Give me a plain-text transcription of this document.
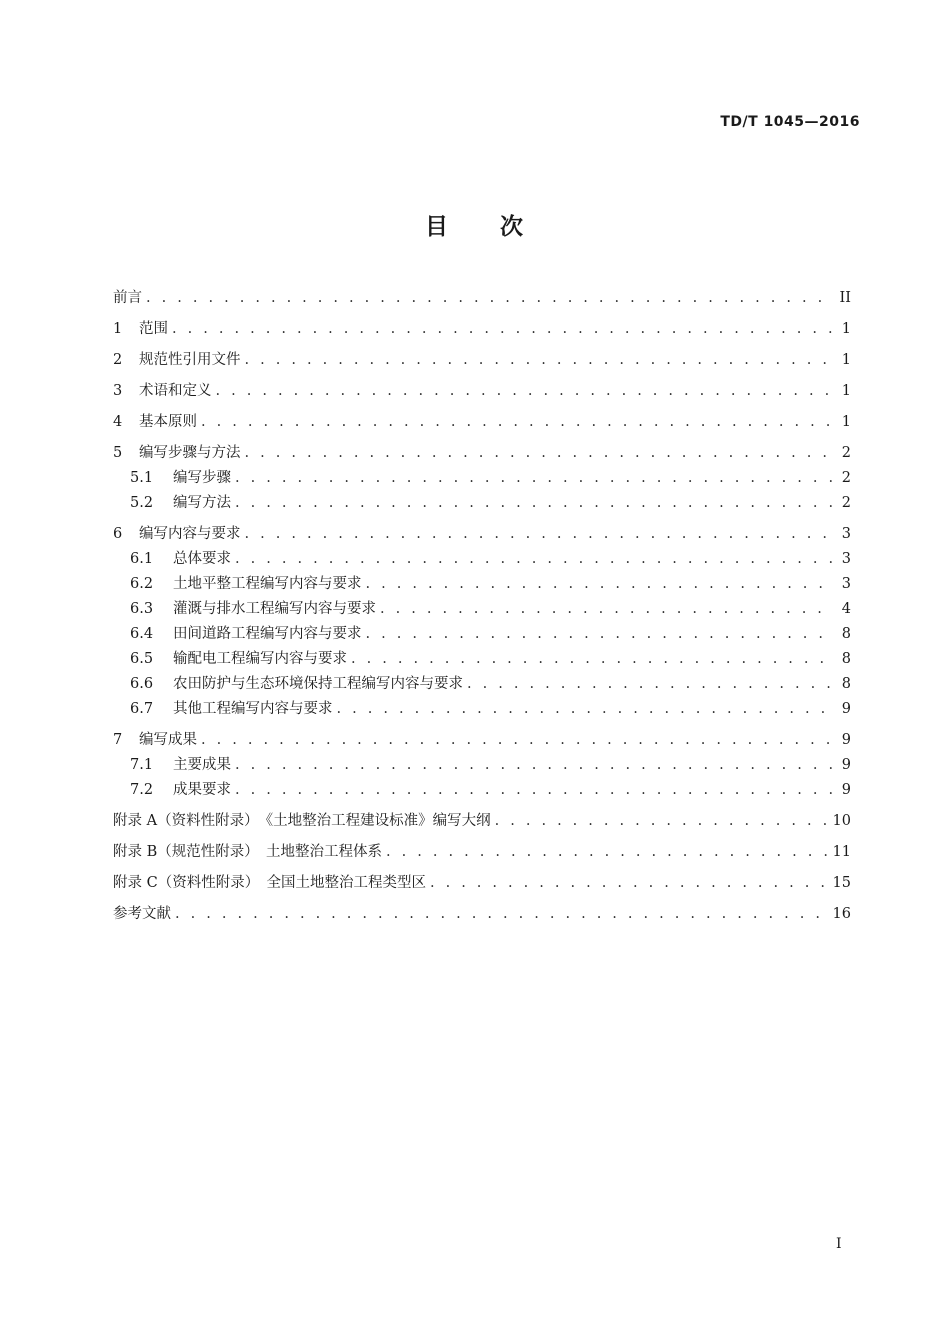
TD/T 1045—2016
目 次
前言 . . .	II
1	范围 . . .	1
2	规范性引用文件 . . .	1
3	术语和定义 . . .	1
4	基本原则 . . .	1
5	编写步骤与方法 . . .	2
5.1	编写步骤 . . .	2
5.2	编写方法 . . .	2
6	编写内容与要求 . . .	3
6.1	总体要求 . . .	3
6.2	土地平整工程编写内容与要求 . . .	3
6.3	灌溉与排水工程编写内容与要求 . . .	4
6.4	田间道路工程编写内容与要求 . . .	8
6.5	输配电工程编写内容与要求 . . .	8
6.6	农田防护与生态环境保持工程编写内容与要求 . . .	8
6.7	其他工程编写内容与要求 . . .	9
7	编写成果 . . .	9
7.1	主要成果 . . .	9
7.2	成果要求 . . .	9
附录 A（资料性附录）　《土地整治工程建设标准》编写大纲 . . .	10
附录 B（规范性附录）　土地整治工程体系 . . .	11
附录 C（资料性附录）　全国土地整治工程类型区 . . .	15
参考文献 . . .	16
I
